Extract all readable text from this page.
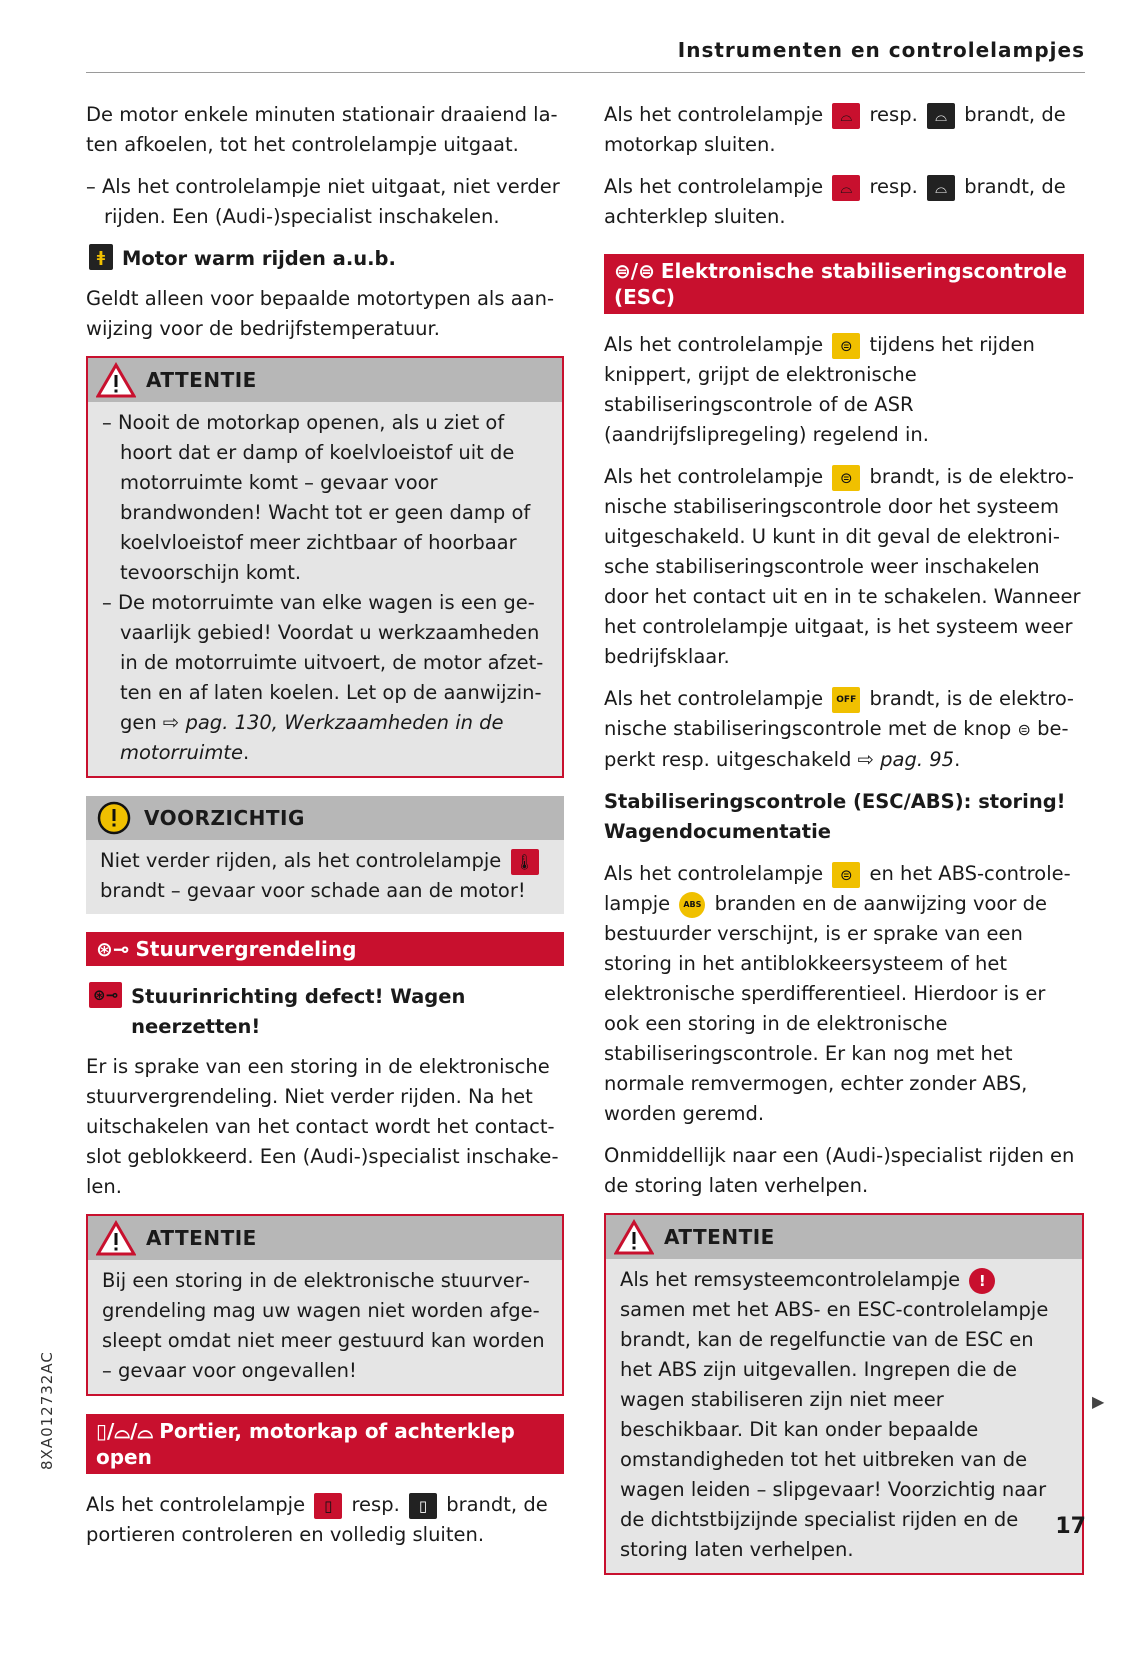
Instrumenten en controlelampjes

De motor enkele minuten stationair draaiend laten afkoelen, tot het controlelampje uitgaat.

– Als het controlelampje niet uitgaat, niet verder rijden. Een (Audi-)specialist inschakelen.

ǂ Motor warm rijden a.u.b.

Geldt alleen voor bepaalde motortypen als aanwijzing voor de bedrijfstemperatuur.

ATTENTIE

– Nooit de motorkap openen, als u ziet of hoort dat er damp of koelvloeistof uit de motorruimte komt – gevaar voor brandwonden! Wacht tot er geen damp of koelvloeistof meer zichtbaar of hoorbaar tevoorschijn komt.

– De motorruimte van elke wagen is een gevaarlijk gebied! Voordat u werkzaamheden in de motorruimte uitvoert, de motor afzetten en af laten koelen. Let op de aanwijzingen ⇨ pag. 130, Werkzaamheden in de motorruimte.

VOORZICHTIG

Niet verder rijden, als het controlelampje 🌡 brandt – gevaar voor schade aan de motor!

⊛⊸ Stuurvergrendeling
⊛⊸ Stuurinrichting defect! Wagen neerzetten!

Er is sprake van een storing in de elektronische stuurvergrendeling. Niet verder rijden. Na het uitschakelen van het contact wordt het contactslot geblokkeerd. Een (Audi-)specialist inschakelen.

ATTENTIE

Bij een storing in de elektronische stuurvergrendeling mag uw wagen niet worden afgesleept omdat niet meer gestuurd kan worden – gevaar voor ongevallen!

▯/⌓/⌓ Portier, motorkap of achterklep open

Als het controlelampje ▯ resp. ▯ brandt, de portieren controleren en volledig sluiten.

Als het controlelampje ⌓ resp. ⌓ brandt, de motorkap sluiten.

Als het controlelampje ⌓ resp. ⌓ brandt, de achterklep sluiten.

⊜/⊜ Elektronische stabiliseringscontrole (ESC)

Als het controlelampje ⊜ tijdens het rijden knippert, grijpt de elektronische stabiliseringscontrole of de ASR (aandrijfslipregeling) regelend in.

Als het controlelampje ⊜ brandt, is de elektronische stabiliseringscontrole door het systeem uitgeschakeld. U kunt in dit geval de elektronische stabiliseringscontrole weer inschakelen door het contact uit en in te schakelen. Wanneer het controlelampje uitgaat, is het systeem weer bedrijfsklaar.

Als het controlelampje OFF brandt, is de elektronische stabiliseringscontrole met de knop ⊜ beperkt resp. uitgeschakeld ⇨ pag. 95.

Stabiliseringscontrole (ESC/ABS): storing! Wagendocumentatie

Als het controlelampje ⊜ en het ABS-controlelampje ABS branden en de aanwijzing voor de bestuurder verschijnt, is er sprake van een storing in het antiblokkeersysteem of het elektronische sperdifferentieel. Hierdoor is er ook een storing in de elektronische stabiliseringscontrole. Er kan nog met het normale remvermogen, echter zonder ABS, worden geremd.

Onmiddellijk naar een (Audi-)specialist rijden en de storing laten verhelpen.

ATTENTIE

Als het remsysteemcontrolelampje ! samen met het ABS- en ESC-controlelampje brandt, kan de regelfunctie van de ESC en het ABS zijn uitgevallen. Ingrepen die de wagen stabiliseren zijn niet meer beschikbaar. Dit kan onder bepaalde omstandigheden tot het uitbreken van de wagen leiden – slipgevaar! Voorzichtig naar de dichtstbijzijnde specialist rijden en de storing laten verhelpen.

▶
8XA012732AC
17
